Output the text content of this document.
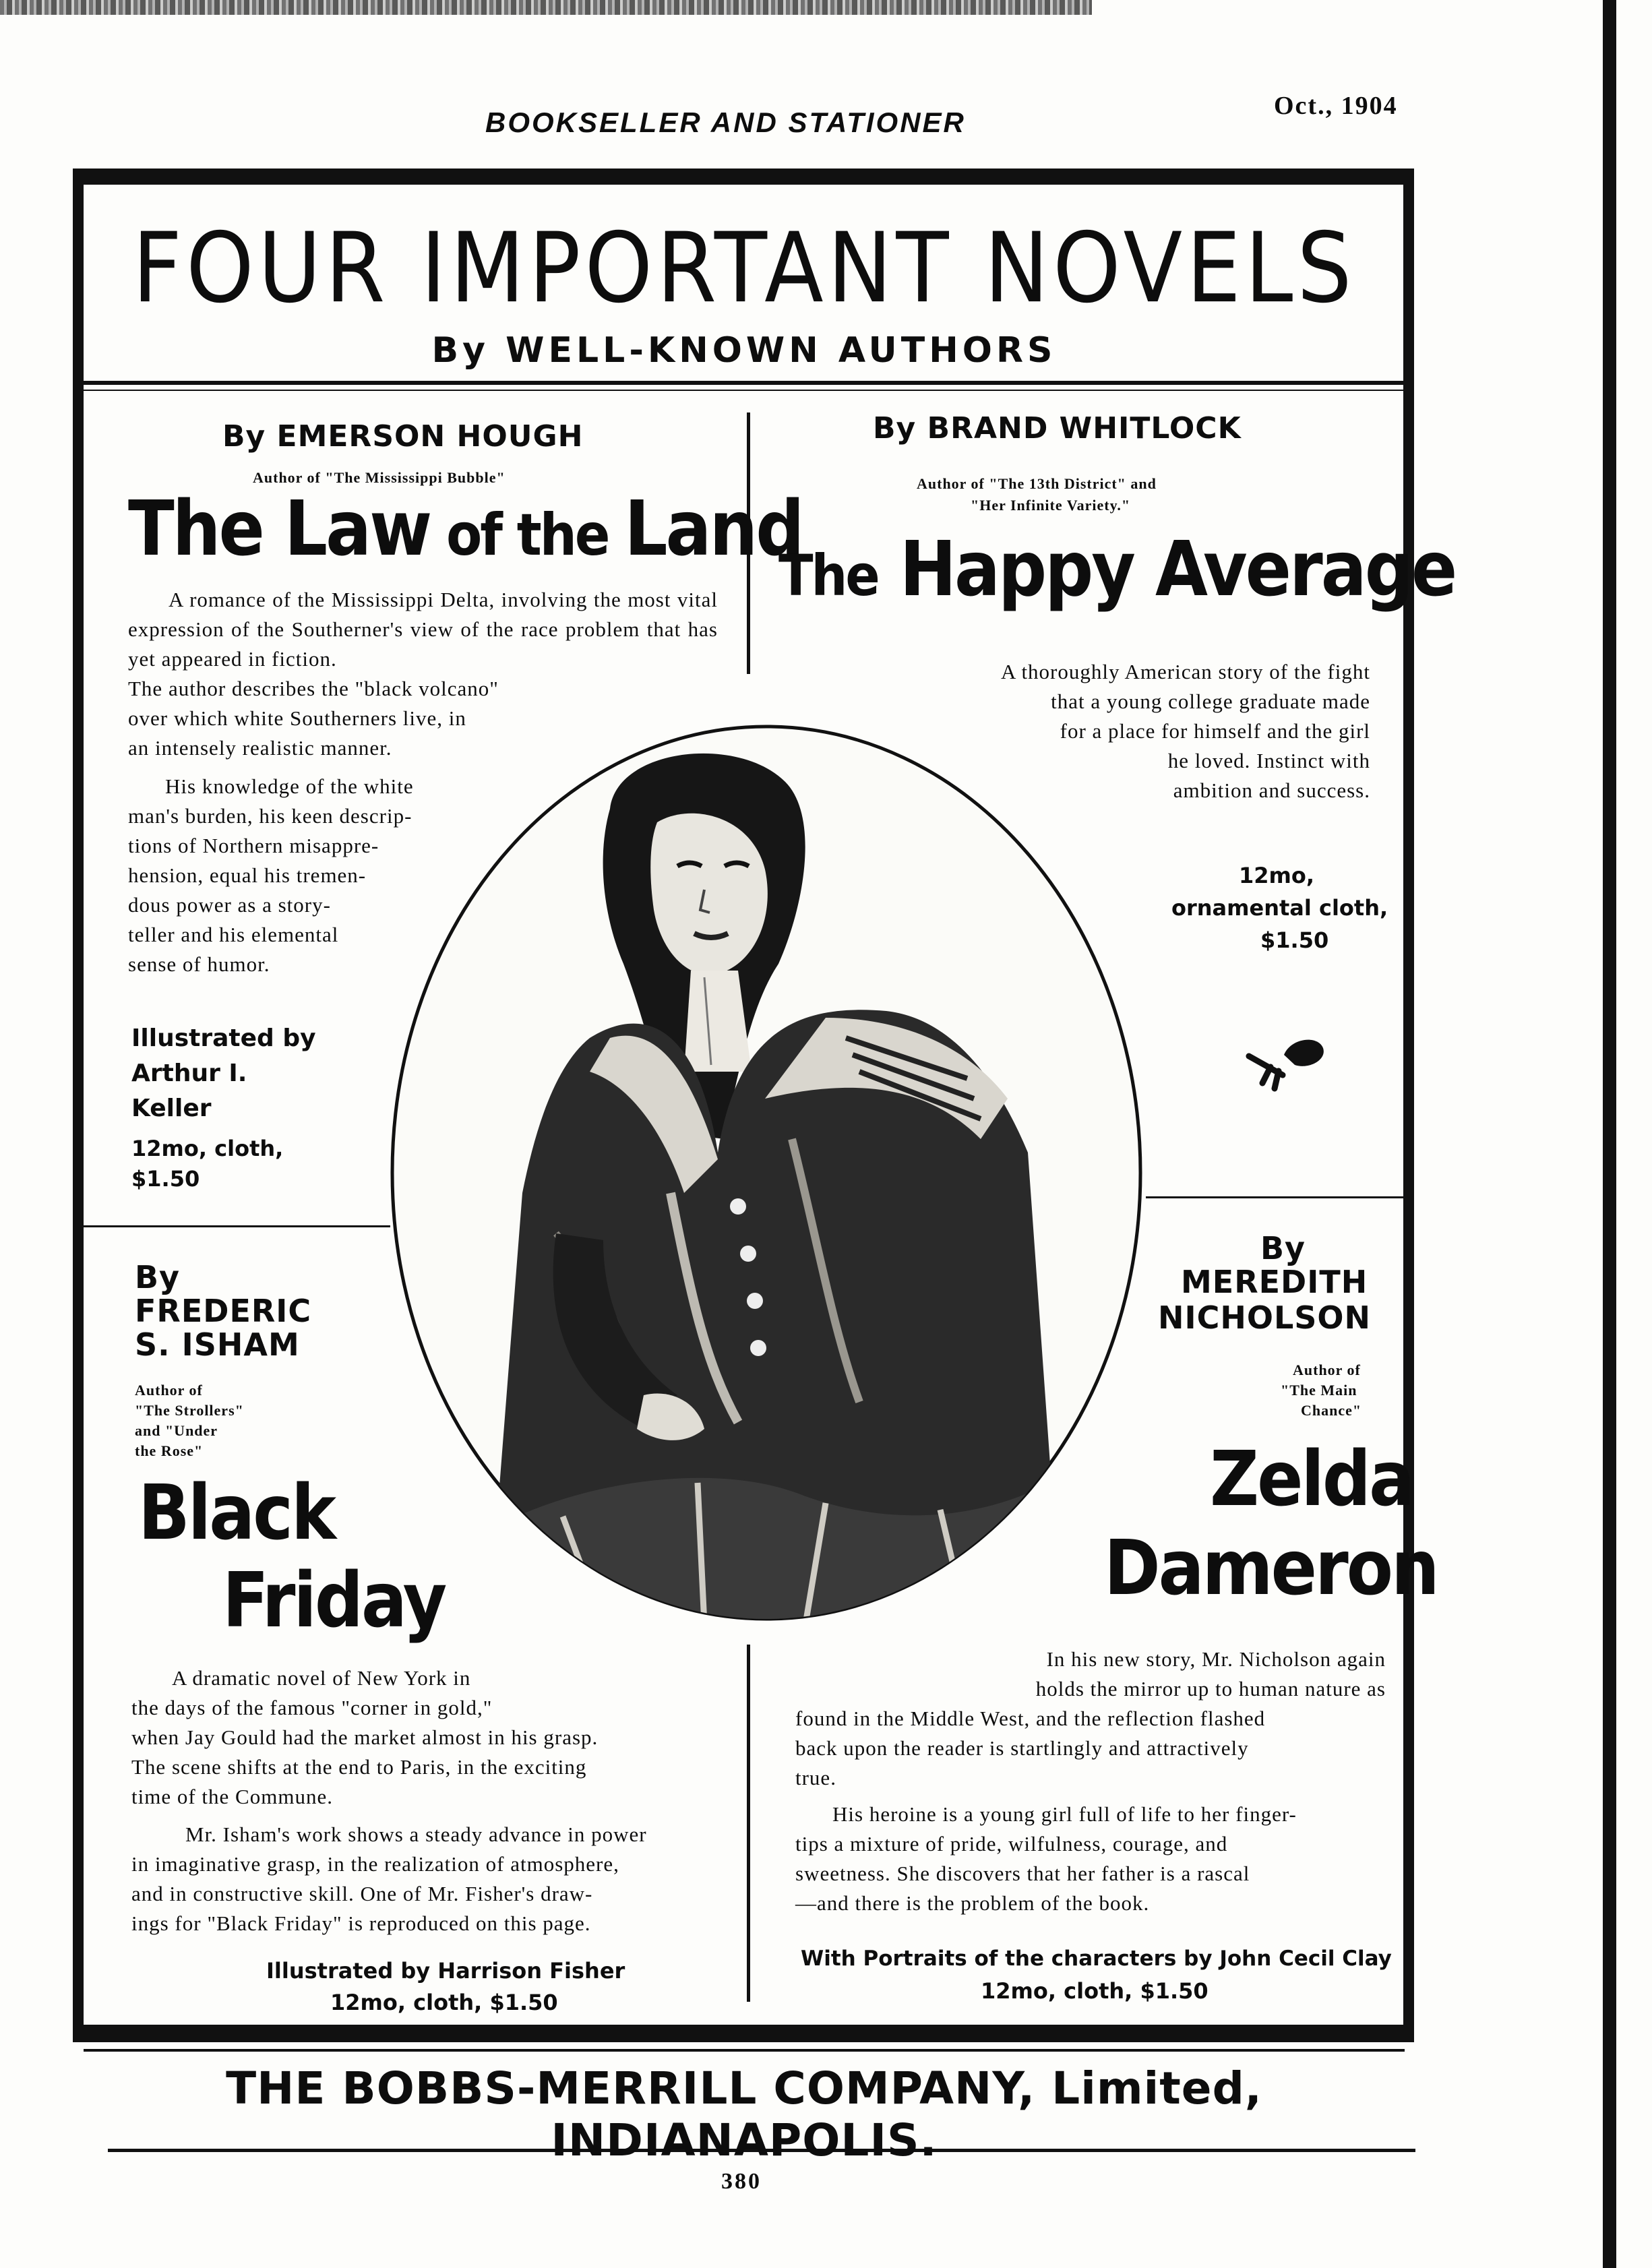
BOOKSELLER AND STATIONER
Oct., 1904
FOUR IMPORTANT NOVELS
By WELL-KNOWN AUTHORS
By EMERSON HOUGH
Author of "The Mississippi Bubble"
The Law of the Land
A romance of the Mississippi Delta, involving the most vital expression of the Southerner's view of the race problem that has yet appeared in fiction.
The author describes the "black volcano"
over which white Southerners live, in
an intensely realistic manner.
His knowledge of the white
man's burden, his keen descrip-
tions of Northern misappre-
hension, equal his tremen-
dous power as a story-
teller and his elemental
sense of humor.
Illustrated by
Arthur I.
Keller
12mo, cloth,
$1.50
By BRAND WHITLOCK
Author of "The 13th District" and
"Her Infinite Variety."
The Happy Average
A thoroughly American story of the fight
that a young college graduate made
for a place for himself and the girl
he loved. Instinct with
ambition and success.
12mo,
ornamental cloth,
$1.50
By
FREDERIC
S. ISHAM
Author of
"The Strollers"
and "Under
the Rose"
Black
Friday
A dramatic novel of New York in
the days of the famous "corner in gold,"
when Jay Gould had the market almost in his grasp.
The scene shifts at the end to Paris, in the exciting
time of the Commune.
Mr. Isham's work shows a steady advance in power
in imaginative grasp, in the realization of atmosphere,
and in constructive skill. One of Mr. Fisher's draw-
ings for "Black Friday" is reproduced on this page.
Illustrated by Harrison Fisher
12mo, cloth, $1.50
By
MEREDITH
NICHOLSON
Author of
"The Main
Chance"
Zelda
Dameron
In his new story, Mr. Nicholson again
holds the mirror up to human nature as
found in the Middle West, and the reflection flashed
back upon the reader is startlingly and attractively
true.
His heroine is a young girl full of life to her finger-
tips a mixture of pride, wilfulness, courage, and
sweetness. She discovers that her father is a rascal
—and there is the problem of the book.
With Portraits of the characters by John Cecil Clay
12mo, cloth, $1.50
THE BOBBS-MERRILL COMPANY, Limited, INDIANAPOLIS.
380
